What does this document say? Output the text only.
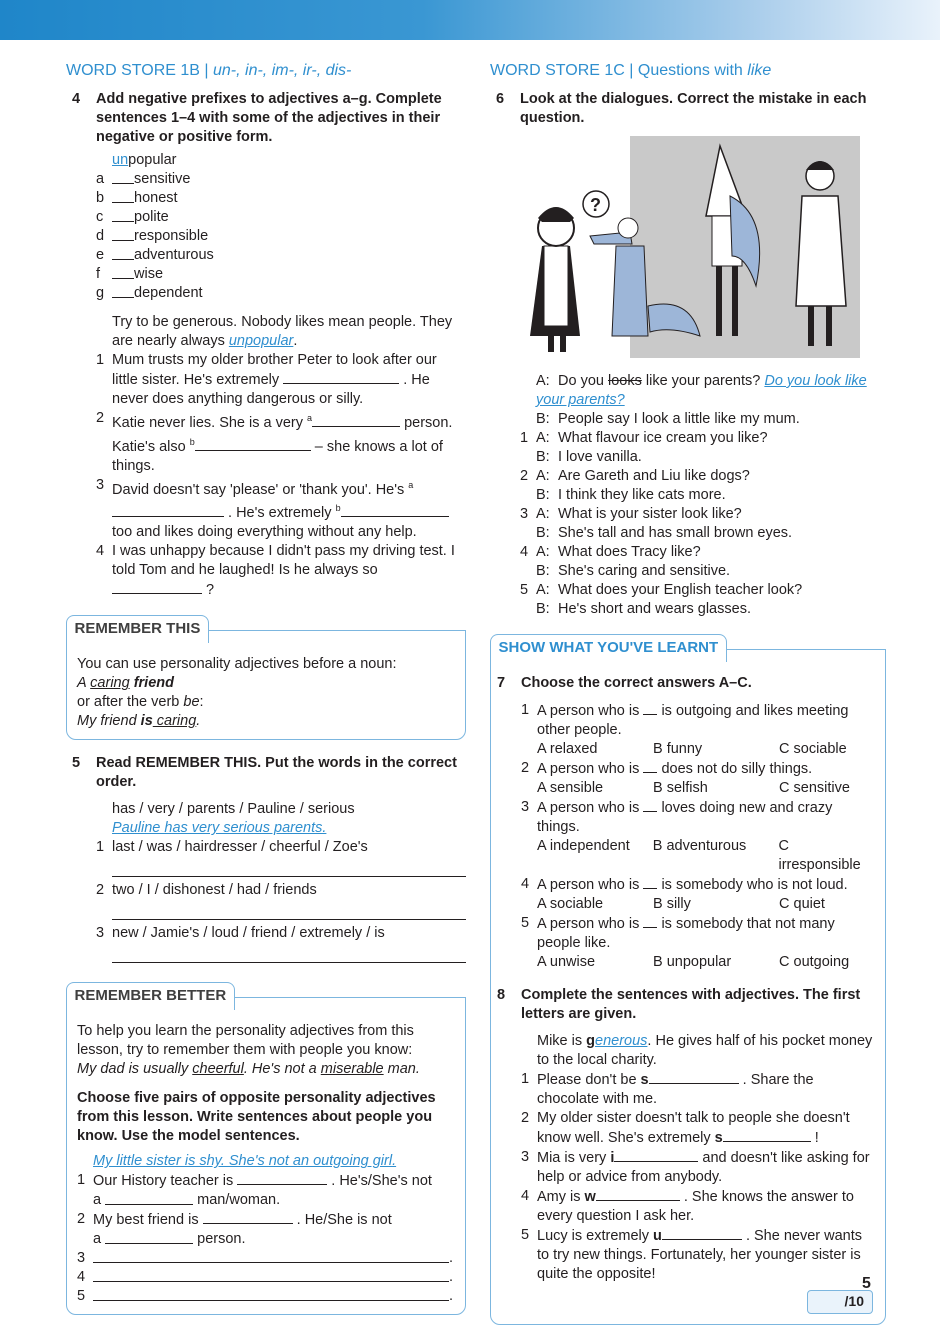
WORD STORE 1B | un-, in-, im-, ir-, dis-
4	Add negative prefixes to adjectives a–g. Complete sentences 1–4 with some of the adjectives in their negative or positive form.
unpopular
a	sensitive
b	honest
c	polite
d	responsible
e	adventurous
f	wise
g	dependent
Try to be generous. Nobody likes mean people. They are nearly always unpopular.
1 Mum trusts my older brother Peter to look after our little sister. He's extremely	. He never does anything dangerous or silly.
2 Katie never lies. She is a very $^a$	person. Katie's also $^b$	– she knows a lot of things.
3 David doesn't say 'please' or 'thank you'. He's $^a$ . He's extremely $^b$ too and likes doing everything without any help.
4 I was unhappy because I didn't pass my driving test. I told Tom and he laughed! Is he always so  ?
REMEMBER THIS
You can use personality adjectives before a noun:
A caring friend
or after the verb be:
My friend is caring.
5	Read REMEMBER THIS. Put the words in the correct order.
has / very / parents / Pauline / serious
Pauline has very serious parents.
1 last / was / hairdresser / cheerful / Zoe's
2 two / I / dishonest / had / friends
3 new / Jamie's / loud / friend / extremely / is
REMEMBER BETTER
To help you learn the personality adjectives from this lesson, try to remember them with people you know:
My dad is usually cheerful. He's not a miserable man.
Choose five pairs of opposite personality adjectives from this lesson. Write sentences about people you know. Use the model sentences.
My little sister is shy. She's not an outgoing girl.
1 Our History teacher is	. He's/She's not
a

	man/woman.
2 My best friend is	. He/She is not
a

	person.
3	.
4	.
5	.
WORD STORE 1C | Questions with like
6	Look at the dialogues. Correct the mistake in each question.
?
A: Do you looks like your parents? Do you look like your parents?
B: People say I look a little like my mum.
1 A: What flavour ice cream you like?
B: I love vanilla.
2 A: Are Gareth and Liu like dogs?
B: I think they like cats more.
3 A: What is your sister look like?
B: She's tall and has small brown eyes.
4 A: What does Tracy like?
B: She's caring and sensitive.
5 A: What does your English teacher look?
B: He's short and wears glasses.
SHOW WHAT YOU'VE LEARNT
7	Choose the correct answers A–C.
1 A person who is is outgoing and likes meeting other people.
A relaxed	B funny	C sociable
2 A person who is does not do silly things.
A sensible	B selfish	C sensitive
3 A person who is loves doing new and crazy things.
A independent	B adventurous	C irresponsible
4 A person who is is somebody who is not loud.
A sociable	B silly	C quiet
5 A person who is is somebody that not many people like.
A unwise	B unpopular	C outgoing
8	Complete the sentences with adjectives. The first letters are given.
Mike is generous. He gives half of his pocket money to the local charity.
1 Please don't be s	. Share the chocolate with me.
2 My older sister doesn't talk to people she doesn't know well. She's extremely s	!
3 Mia is very i	and doesn't like asking for help or advice from anybody.
4 Amy is w	. She knows the answer to every question I ask her.
5 Lucy is extremely u	. She never wants to try new things. Fortunately, her younger sister is quite the opposite!
/10
5
